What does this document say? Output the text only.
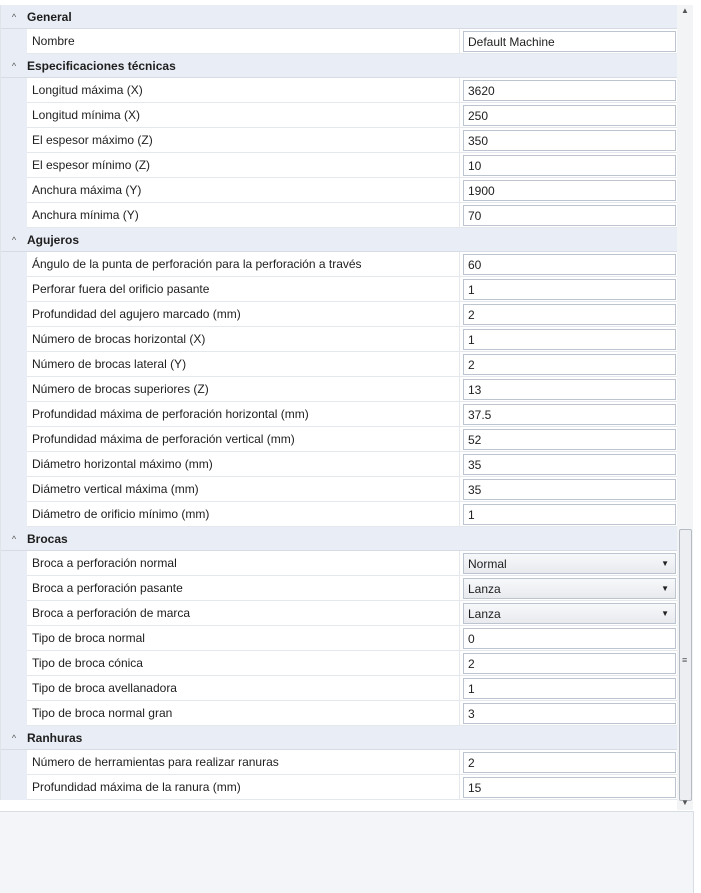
^ General
Nombre	Default Machine
^ Especificaciones técnicas
Longitud máxima (X)	3620
Longitud mínima (X)	250
El espesor máximo (Z)	350
El espesor mínimo (Z)	10
Anchura máxima (Y)	1900
Anchura mínima (Y)	70
^ Agujeros
Ángulo de la punta de perforación para la perforación a través	60
Perforar fuera del orificio pasante	1
Profundidad del agujero marcado (mm)	2
Número de brocas horizontal (X)	1
Número de brocas lateral (Y)	2
Número de brocas superiores (Z)	13
Profundidad máxima de perforación horizontal (mm)	37.5
Profundidad máxima de perforación vertical (mm)	52
Diámetro horizontal máximo (mm)	35
Diámetro vertical máxima (mm)	35
Diámetro de orificio mínimo (mm)	1
^ Brocas
Broca a perforación normal	Normal	▼
Broca a perforación pasante	Lanza	▼
Broca a perforación de marca	Lanza	▼
Tipo de broca normal	0
Tipo de broca cónica	2
Tipo de broca avellanadora	1
Tipo de broca normal gran	3
^ Ranhuras
Número de herramientas para realizar ranuras	2
Profundidad máxima de la ranura (mm)	15
▲
≡
▼
